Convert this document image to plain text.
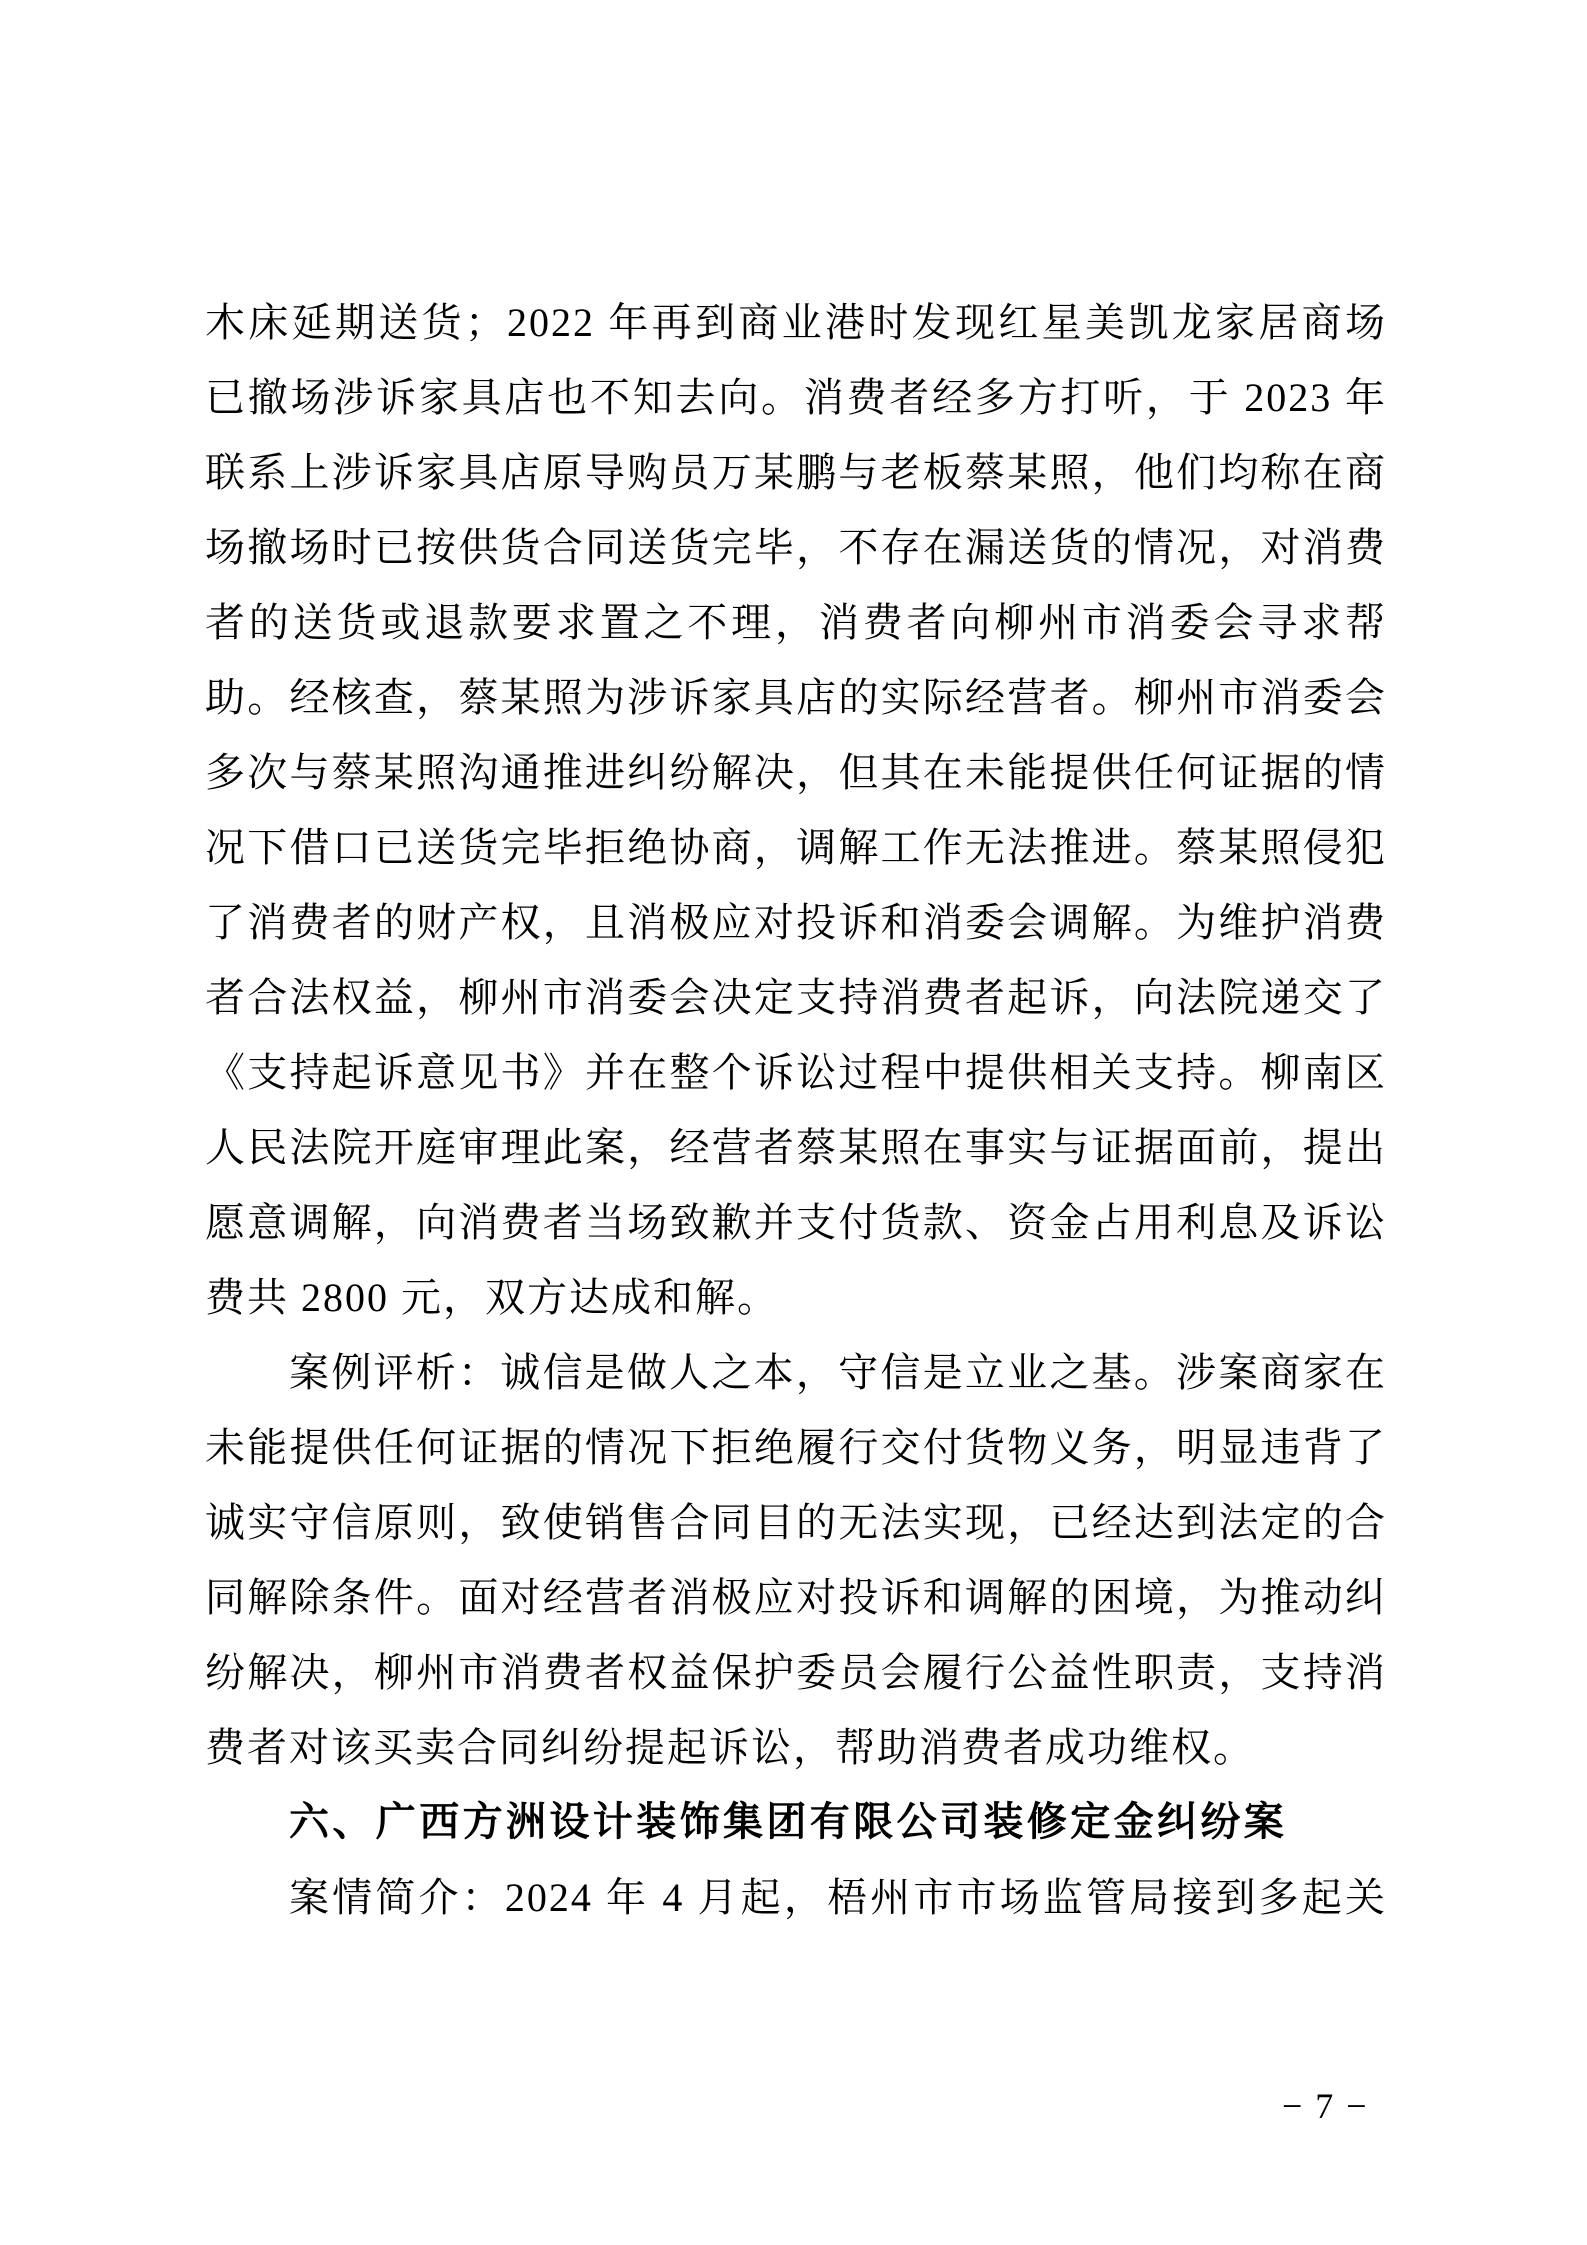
木床延期送货；2022 年再到商业港时发现红星美凯龙家居商场
已撤场涉诉家具店也不知去向。消费者经多方打听，于 2023 年
联系上涉诉家具店原导购员万某鹏与老板蔡某照，他们均称在商
场撤场时已按供货合同送货完毕，不存在漏送货的情况，对消费
者的送货或退款要求置之不理，消费者向柳州市消委会寻求帮
助。经核查，蔡某照为涉诉家具店的实际经营者。柳州市消委会
多次与蔡某照沟通推进纠纷解决，但其在未能提供任何证据的情
况下借口已送货完毕拒绝协商，调解工作无法推进。蔡某照侵犯
了消费者的财产权，且消极应对投诉和消委会调解。为维护消费
者合法权益，柳州市消委会决定支持消费者起诉，向法院递交了
《支持起诉意见书》并在整个诉讼过程中提供相关支持。柳南区
人民法院开庭审理此案，经营者蔡某照在事实与证据面前，提出
愿意调解，向消费者当场致歉并支付货款、资金占用利息及诉讼
费共 2800 元，双方达成和解。
案例评析：诚信是做人之本，守信是立业之基。涉案商家在
未能提供任何证据的情况下拒绝履行交付货物义务，明显违背了
诚实守信原则，致使销售合同目的无法实现，已经达到法定的合
同解除条件。面对经营者消极应对投诉和调解的困境，为推动纠
纷解决，柳州市消费者权益保护委员会履行公益性职责，支持消
费者对该买卖合同纠纷提起诉讼，帮助消费者成功维权。
六、广西方洲设计装饰集团有限公司装修定金纠纷案
案情简介：2024 年 4 月起，梧州市市场监管局接到多起关
− 7 −
